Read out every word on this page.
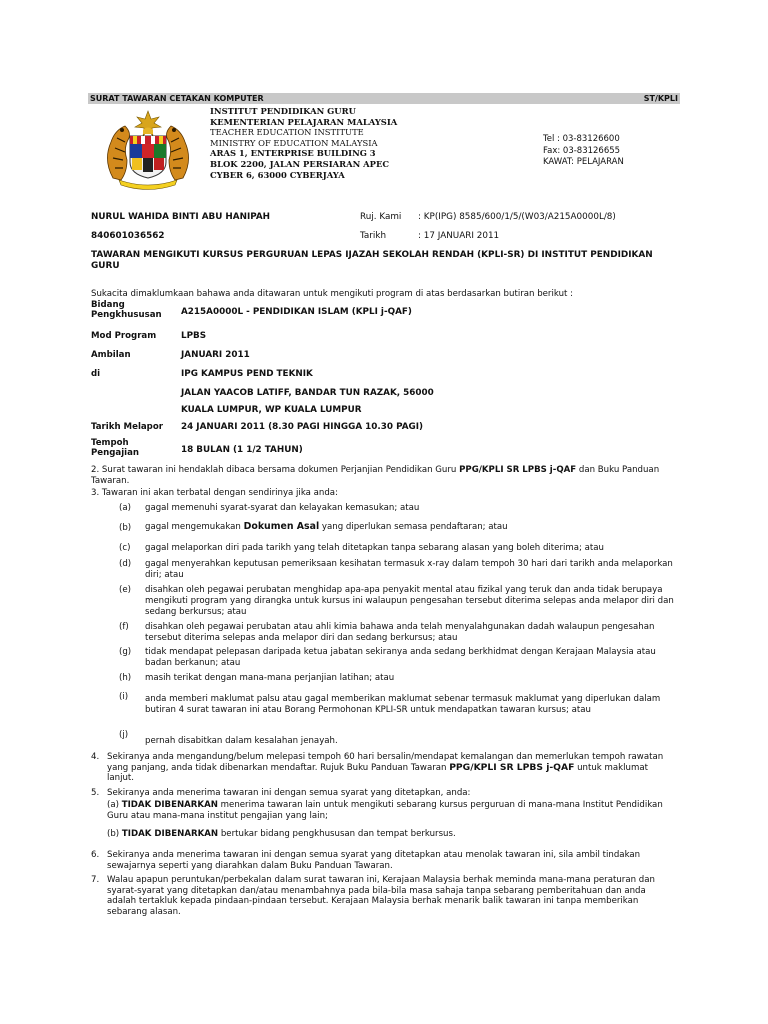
SURAT TAWARAN CETAKAN KOMPUTER	ST/KPLI
INSTITUT PENDIDIKAN GURU
KEMENTERIAN PELAJARAN MALAYSIA
TEACHER EDUCATION INSTITUTE
MINISTRY OF EDUCATION MALAYSIA
ARAS 1, ENTERPRISE BUILDING 3
BLOK 2200, JALAN PERSIARAN APEC
CYBER 6, 63000 CYBERJAYA
Tel : 03-83126600
Fax: 03-83126655
KAWAT: PELAJARAN
NURUL WAHIDA BINTI ABU HANIPAH
840601036562
Ruj. Kami : KP(IPG) 8585/600/1/5/(W03/A215A0000L/8)
Tarikh	: 17 JANUARI 2011
TAWARAN MENGIKUTI KURSUS PERGURUAN LEPAS IJAZAH SEKOLAH RENDAH (KPLI-SR) DI INSTITUT PENDIDIKAN GURU
Sukacita dimaklumkaan bahawa anda ditawaran untuk mengikuti program di atas berdasarkan butiran berikut :
Bidang Pengkhususan	A215A0000L - PENDIDIKAN ISLAM (KPLI j-QAF)
Mod Program	LPBS
Ambilan	JANUARI 2011
di	IPG KAMPUS PEND TEKNIK
JALAN YAACOB LATIFF, BANDAR TUN RAZAK, 56000
KUALA LUMPUR, WP KUALA LUMPUR
Tarikh Melapor	24 JANUARI 2011 (8.30 PAGI HINGGA 10.30 PAGI)
Tempoh Pengajian	18 BULAN (1 1/2 TAHUN)
2. Surat tawaran ini hendaklah dibaca bersama dokumen Perjanjian Pendidikan Guru PPG/KPLI SR LPBS j-QAF dan Buku Panduan Tawaran.
3. Tawaran ini akan terbatal dengan sendirinya jika anda:
(a) gagal memenuhi syarat-syarat dan kelayakan kemasukan; atau
(b) gagal mengemukakan Dokumen Asal yang diperlukan semasa pendaftaran; atau
(c) gagal melaporkan diri pada tarikh yang telah ditetapkan tanpa sebarang alasan yang boleh diterima; atau
(d) gagal menyerahkan keputusan pemeriksaan kesihatan termasuk x-ray dalam tempoh 30 hari dari tarikh anda melaporkan diri; atau
(e) disahkan oleh pegawai perubatan menghidap apa-apa penyakit mental atau fizikal yang teruk dan anda tidak berupaya mengikuti program yang dirangka untuk kursus ini walaupun pengesahan tersebut diterima selepas anda melapor diri dan sedang berkursus; atau
(f) disahkan oleh pegawai perubatan atau ahli kimia bahawa anda telah menyalahgunakan dadah walaupun pengesahan tersebut diterima selepas anda melapor diri dan sedang berkursus; atau
(g) tidak mendapat pelepasan daripada ketua jabatan sekiranya anda sedang berkhidmat dengan Kerajaan Malaysia atau badan berkanun; atau
(h) masih terikat dengan mana-mana perjanjian latihan; atau
(i) anda memberi maklumat palsu atau gagal memberikan maklumat sebenar termasuk maklumat yang diperlukan dalam butiran 4 surat tawaran ini atau Borang Permohonan KPLI-SR untuk mendapatkan tawaran kursus; atau
(j)
pernah disabitkan dalam kesalahan jenayah.
4. Sekiranya anda mengandung/belum melepasi tempoh 60 hari bersalin/mendapat kemalangan dan memerlukan tempoh rawatan yang panjang, anda tidak dibenarkan mendaftar. Rujuk Buku Panduan Tawaran PPG/KPLI SR LPBS j-QAF untuk maklumat lanjut.
5. Sekiranya anda menerima tawaran ini dengan semua syarat yang ditetapkan, anda:
(a) TIDAK DIBENARKAN menerima tawaran lain untuk mengikuti sebarang kursus perguruan di mana-mana Institut Pendidikan Guru atau mana-mana institut pengajian yang lain;
(b) TIDAK DIBENARKAN bertukar bidang pengkhususan dan tempat berkursus.
6. Sekiranya anda menerima tawaran ini dengan semua syarat yang ditetapkan atau menolak tawaran ini, sila ambil tindakan sewajarnya seperti yang diarahkan dalam Buku Panduan Tawaran.
7. Walau apapun peruntukan/perbekalan dalam surat tawaran ini, Kerajaan Malaysia berhak meminda mana-mana peraturan dan syarat-syarat yang ditetapkan dan/atau menambahnya pada bila-bila masa sahaja tanpa sebarang pemberitahuan dan anda adalah tertakluk kepada pindaan-pindaan tersebut. Kerajaan Malaysia berhak menarik balik tawaran ini tanpa memberikan sebarang alasan.
